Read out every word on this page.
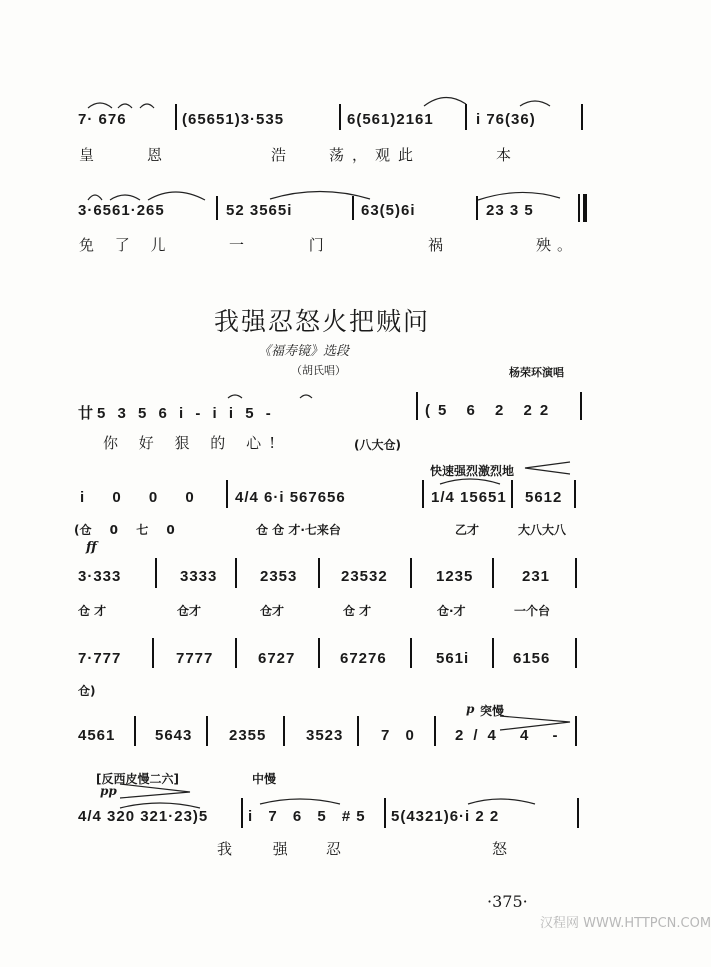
7· 676	(65651)3·535	6(561)2161	i 76(36)
皇	恩	浩	荡，观此	本
3·6561·265	52 3565i	63(5)6i	23 3 5
免 了 儿	一 门	祸	殃。
我强忍怒火把贼问
《福寿镜》选段
（胡氏唱）	杨荣环演唱
廿5 3 5 6 i - i i 5 -	(5 6 2 22
你 好 狠 的 心!	(八大仓)
快速强烈激烈地
i 0 0 0 4/4 6·i 567656	1/4 15651 5612
(仓 0 七 0	仓 仓 才·七来台	乙才	大八大八
ff
3·333	3333	2353	23532	1235	231
仓 才	仓才	仓才	仓 才	仓·才	一个台
7·777	7777	6727	67276	561i	6156
仓)
p 突慢
4561	5643 2355	3523	7 0 2/4 4 -
[反西皮慢二六]	中慢
pp
4/4 320 321·23)5	i 7 6 5 #5 5(4321)6·i 2 2
我 强 忍	怒
·375·
汉程网 WWW.HTTPCN.COM
